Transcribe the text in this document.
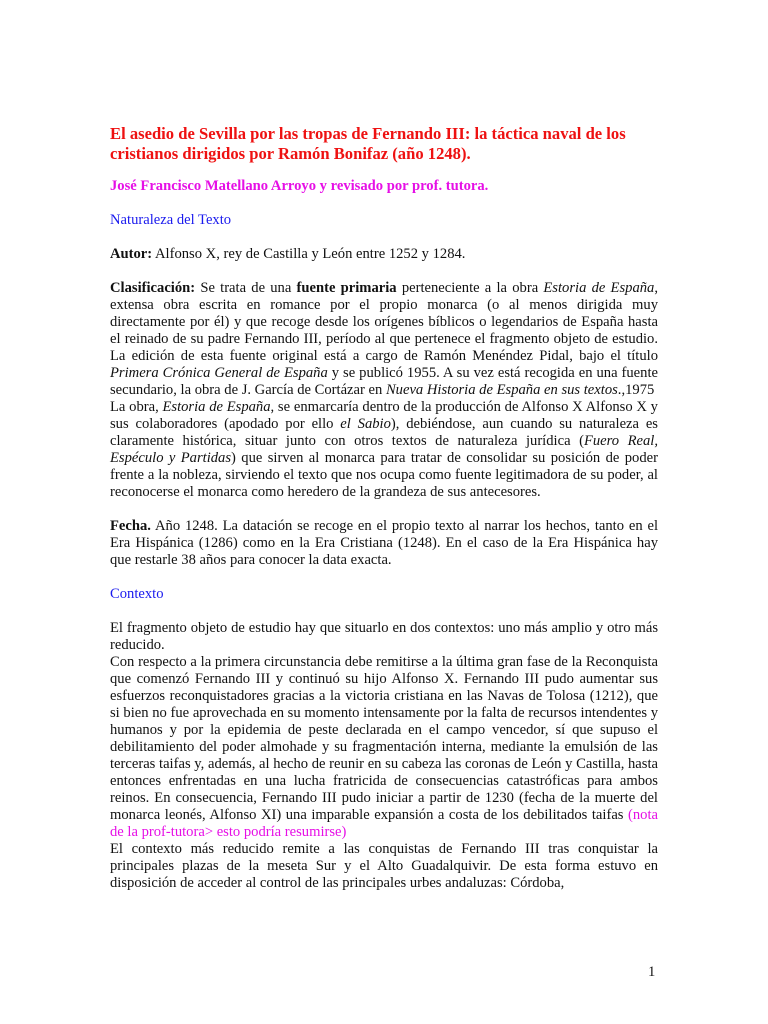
El asedio de Sevilla por las tropas de Fernando III: la táctica naval de los cristianos dirigidos por Ramón Bonifaz (año 1248).
José Francisco Matellano Arroyo y revisado por prof. tutora.
Naturaleza del Texto

Autor: Alfonso X, rey de Castilla y León entre 1252 y 1284.

Clasificación: Se trata de una fuente primaria perteneciente a la obra Estoria de España, extensa obra escrita en romance por el propio monarca (o al menos dirigida muy directamente por él) y que recoge desde los orígenes bíblicos o legendarios de España hasta el reinado de su padre Fernando III, período al que pertenece el fragmento objeto de estudio. La edición de esta fuente original está a cargo de Ramón Menéndez Pidal, bajo el título Primera Crónica General de España y se publicó 1955. A su vez está recogida en una fuente secundario, la obra de J. García de Cortázar en Nueva Historia de España en sus textos.,1975

La obra, Estoria de España, se enmarcaría dentro de la producción de Alfonso X Alfonso X y sus colaboradores (apodado por ello el Sabio), debiéndose, aun cuando su naturaleza es claramente histórica, situar junto con otros textos de naturaleza jurídica (Fuero Real, Espéculo y Partidas) que sirven al monarca para tratar de consolidar su posición de poder frente a la nobleza, sirviendo el texto que nos ocupa como fuente legitimadora de su poder, al reconocerse el monarca como heredero de la grandeza de sus antecesores.

Fecha. Año 1248. La datación se recoge en el propio texto al narrar los hechos, tanto en el Era Hispánica (1286) como en la Era Cristiana (1248). En el caso de la Era Hispánica hay que restarle 38 años para conocer la data exacta.

Contexto

El fragmento objeto de estudio hay que situarlo en dos contextos: uno más amplio y otro más reducido.

Con respecto a la primera circunstancia debe remitirse a la última gran fase de la Reconquista que comenzó Fernando III y continuó su hijo Alfonso X. Fernando III pudo aumentar sus esfuerzos reconquistadores gracias a la victoria cristiana en las Navas de Tolosa (1212), que si bien no fue aprovechada en su momento intensamente por la falta de recursos intendentes y humanos y por la epidemia de peste declarada en el campo vencedor, sí que supuso el debilitamiento del poder almohade y su fragmentación interna, mediante la emulsión de las terceras taifas y, además, al hecho de reunir en su cabeza las coronas de León y Castilla, hasta entonces enfrentadas en una lucha fratricida de consecuencias catastróficas para ambos reinos. En consecuencia, Fernando III pudo iniciar a partir de 1230 (fecha de la muerte del monarca leonés, Alfonso XI) una imparable expansión a costa de los debilitados taifas (nota de la prof-tutora> esto podría resumirse)

El contexto más reducido remite a las conquistas de Fernando III tras conquistar la principales plazas de la meseta Sur y el Alto Guadalquivir. De esta forma estuvo en disposición de acceder al control de las principales urbes andaluzas: Córdoba,

1
